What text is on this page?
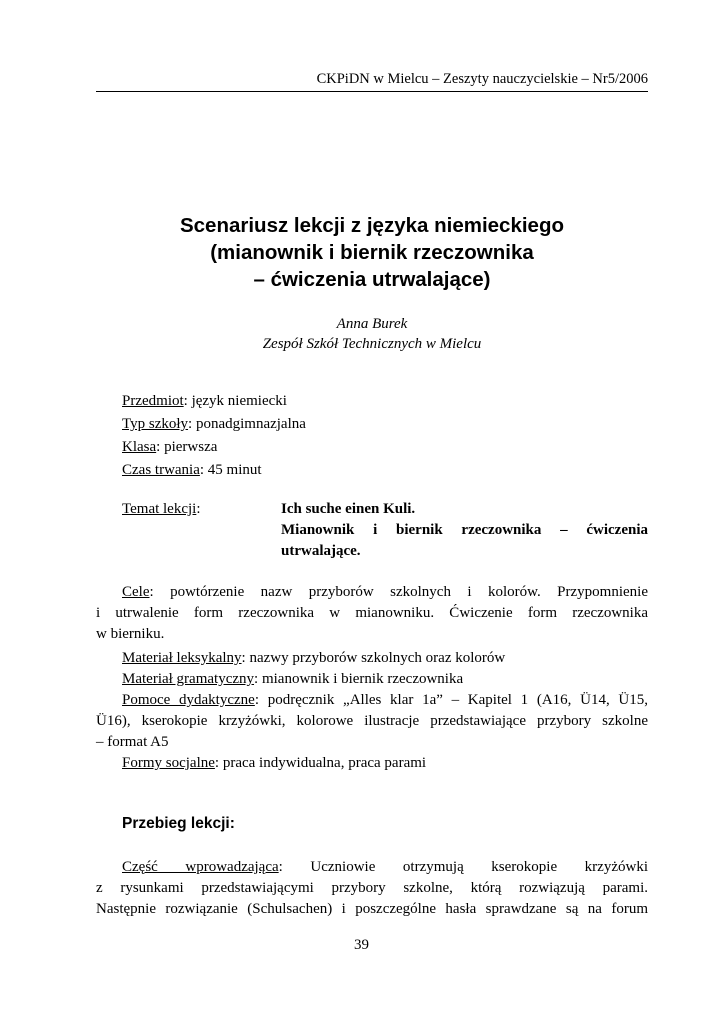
CKPiDN w Mielcu – Zeszyty nauczycielskie – Nr5/2006
Scenariusz lekcji z języka niemieckiego
(mianownik i biernik rzeczownika
– ćwiczenia utrwalające)
Anna Burek
Zespół Szkół Technicznych w Mielcu
Przedmiot: język niemiecki
Typ szkoły: ponadgimnazjalna
Klasa: pierwsza
Czas trwania: 45 minut
Temat lekcji:	Ich suche einen Kuli.
Mianownik i biernik rzeczownika – ćwiczenia
utrwalające.
Cele: powtórzenie nazw przyborów szkolnych i kolorów. Przypomnienie
i utrwalenie form rzeczownika w mianowniku. Ćwiczenie form rzeczownika
w bierniku.
Materiał leksykalny: nazwy przyborów szkolnych oraz kolorów
Materiał gramatyczny: mianownik i biernik rzeczownika
Pomoce dydaktyczne: podręcznik „Alles klar 1a” – Kapitel 1 (A16, Ü14, Ü15,
Ü16), kserokopie krzyżówki, kolorowe ilustracje przedstawiające przybory szkolne
– format A5
Formy socjalne: praca indywidualna, praca parami
Przebieg lekcji:
Część wprowadzająca: Uczniowie otrzymują kserokopie krzyżówki
z rysunkami przedstawiającymi przybory szkolne, którą rozwiązują parami.
Następnie rozwiązanie (Schulsachen) i poszczególne hasła sprawdzane są na forum
39
